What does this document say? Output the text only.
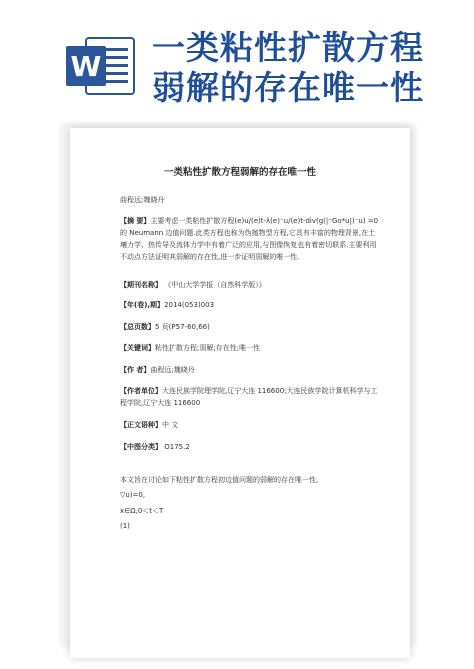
W 一类粘性扩散方程
弱解的存在唯一性
一类粘性扩散方程弱解的存在唯一性
曲程远;魏晓丹
【摘 要】主要考虑一类粘性扩散方程(e)u/(e)t-λ(e)⁻u/(e)t-div(g(|⁻Go*u|)⁻u) =0 的 Neumann 边值问题.此类方程也称为伪抛物型方程,它具有丰富的物理背景,在土壤力学、热传导及流体力学中有着广泛的应用,与图像恢复也有着密切联系.主要利用不动点方法证明其弱解的存在性,进一步证明弱解的唯一性.
【期刊名称】 《中山大学学报（自然科学版）》
【年(卷),期】2014(053)003
【总页数】5 页(P57-60,66)
【关键词】粘性扩散方程;弱解;存在性;唯一性
【作 者】曲程远;魏晓丹
【作者单位】大连民族学院理学院,辽宁大连 116600;大连民族学院计算机科学与工程学院,辽宁大连 116600
【正文语种】中 文
【中图分类】 O175.2
本文旨在讨论如下粘性扩散方程初边值问题的弱解的存在唯一性,
▽u)=0,
x∈Ω,0＜t＜T
(1)
